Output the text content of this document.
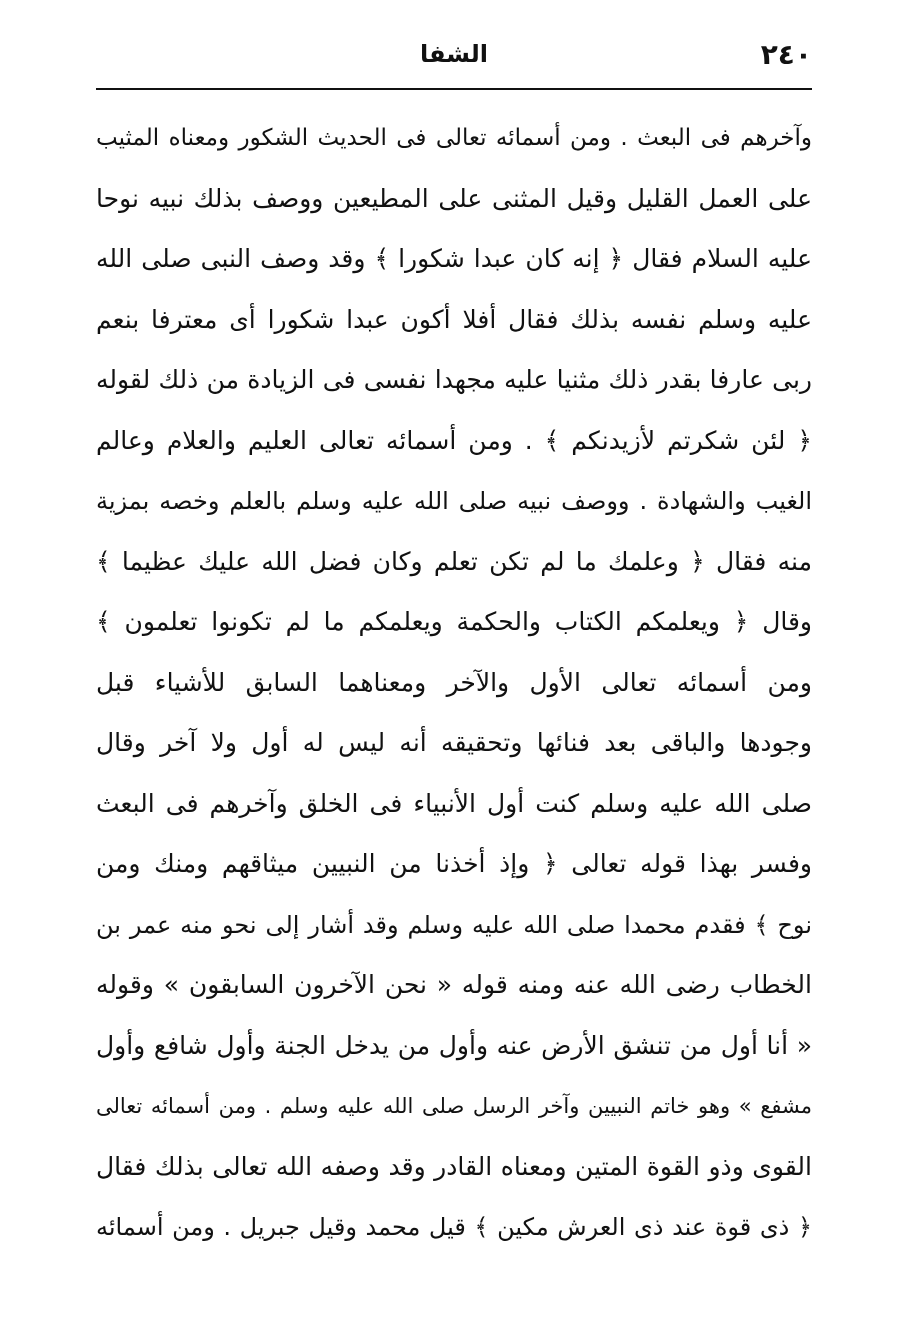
٢٤٠
الشفا
وآخرهم فى البعث . ومن أسمائه تعالى فى الحديث الشكور ومعناه المثيب
على العمل القليل وقيل المثنى على المطيعين ووصف بذلك نبيه نوحا
عليه السلام فقال ﴿ إنه كان عبدا شكورا ﴾ وقد وصف النبى صلى الله
عليه وسلم نفسه بذلك فقال أفلا أكون عبدا شكورا أى معترفا بنعم
ربى عارفا بقدر ذلك مثنيا عليه مجهدا نفسى فى الزيادة من ذلك لقوله
﴿ لئن شكرتم لأزيدنكم ﴾ . ومن أسمائه تعالى العليم والعلام وعالم
الغيب والشهادة . ووصف نبيه صلى الله عليه وسلم بالعلم وخصه بمزية
منه فقال ﴿ وعلمك ما لم تكن تعلم وكان فضل الله عليك عظيما ﴾
وقال ﴿ ويعلمكم الكتاب والحكمة ويعلمكم ما لم تكونوا تعلمون ﴾
ومن أسمائه تعالى الأول والآخر ومعناهما السابق للأشياء قبل
وجودها والباقى بعد فنائها وتحقيقه أنه ليس له أول ولا آخر وقال
صلى الله عليه وسلم كنت أول الأنبياء فى الخلق وآخرهم فى البعث
وفسر بهذا قوله تعالى ﴿ وإذ أخذنا من النبيين ميثاقهم ومنك ومن
نوح ﴾ فقدم محمدا صلى الله عليه وسلم وقد أشار إلى نحو منه عمر بن
الخطاب رضى الله عنه ومنه قوله « نحن الآخرون السابقون » وقوله
« أنا أول من تنشق الأرض عنه وأول من يدخل الجنة وأول شافع وأول
مشفع » وهو خاتم النبيين وآخر الرسل صلى الله عليه وسلم . ومن أسمائه تعالى
القوى وذو القوة المتين ومعناه القادر وقد وصفه الله تعالى بذلك فقال
﴿ ذى قوة عند ذى العرش مكين ﴾ قيل محمد وقيل جبريل . ومن أسمائه
